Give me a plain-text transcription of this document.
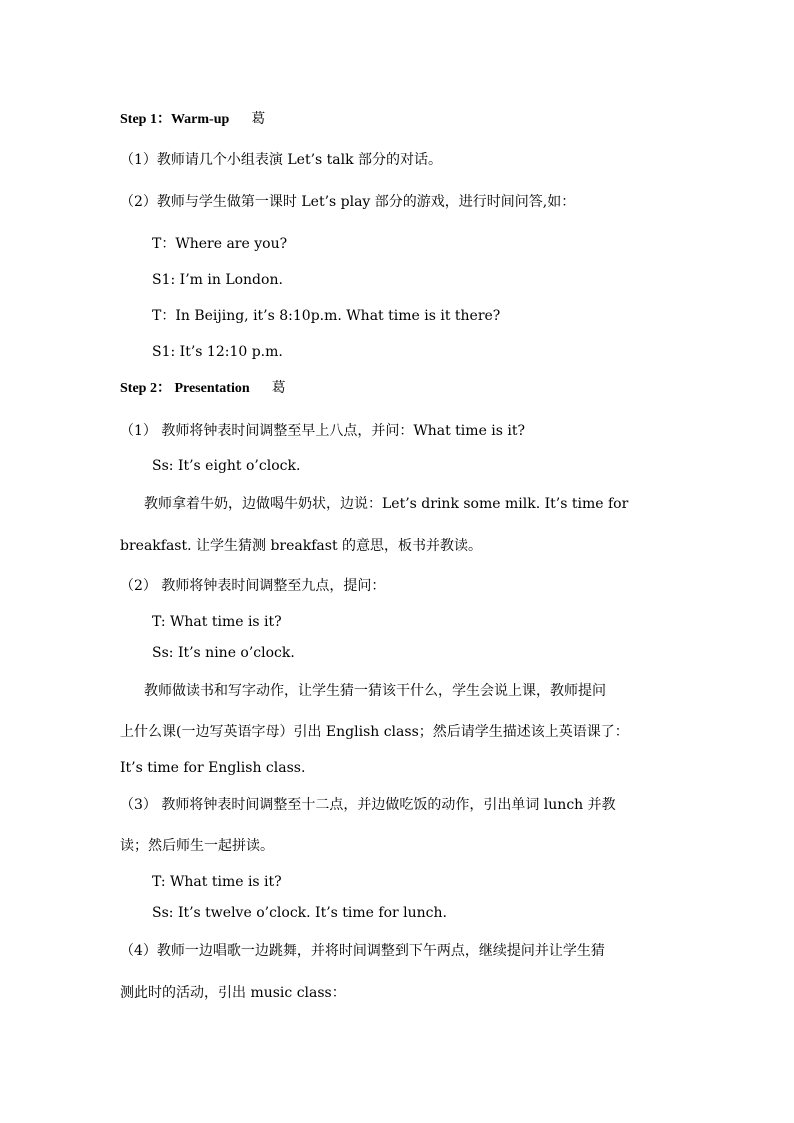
Step 1：Warm-up 葛
（1）教师请几个小组表演 Let’s talk 部分的对话。
（2）教师与学生做第一课时 Let’s play 部分的游戏，进行时间问答,如：
T：Where are you?
S1: I’m in London.
T：In Beijing, it’s 8:10p.m. What time is it there?
S1: It’s 12:10 p.m.
Step 2： Presentation 葛
（1） 教师将钟表时间调整至早上八点，并问：What time is it?
Ss: It’s eight o’clock.
教师拿着牛奶，边做喝牛奶状，边说：Let’s drink some milk. It’s time for
breakfast. 让学生猜测 breakfast 的意思，板书并教读。
（2） 教师将钟表时间调整至九点，提问：
T: What time is it?
Ss: It’s nine o’clock.
教师做读书和写字动作，让学生猜一猜该干什么，学生会说上课，教师提问
上什么课(一边写英语字母）引出 English class；然后请学生描述该上英语课了：
It’s time for English class.
（3） 教师将钟表时间调整至十二点，并边做吃饭的动作，引出单词 lunch 并教
读；然后师生一起拼读。
T: What time is it?
Ss: It’s twelve o’clock. It’s time for lunch.
（4）教师一边唱歌一边跳舞，并将时间调整到下午两点，继续提问并让学生猜
测此时的活动，引出 music class：
